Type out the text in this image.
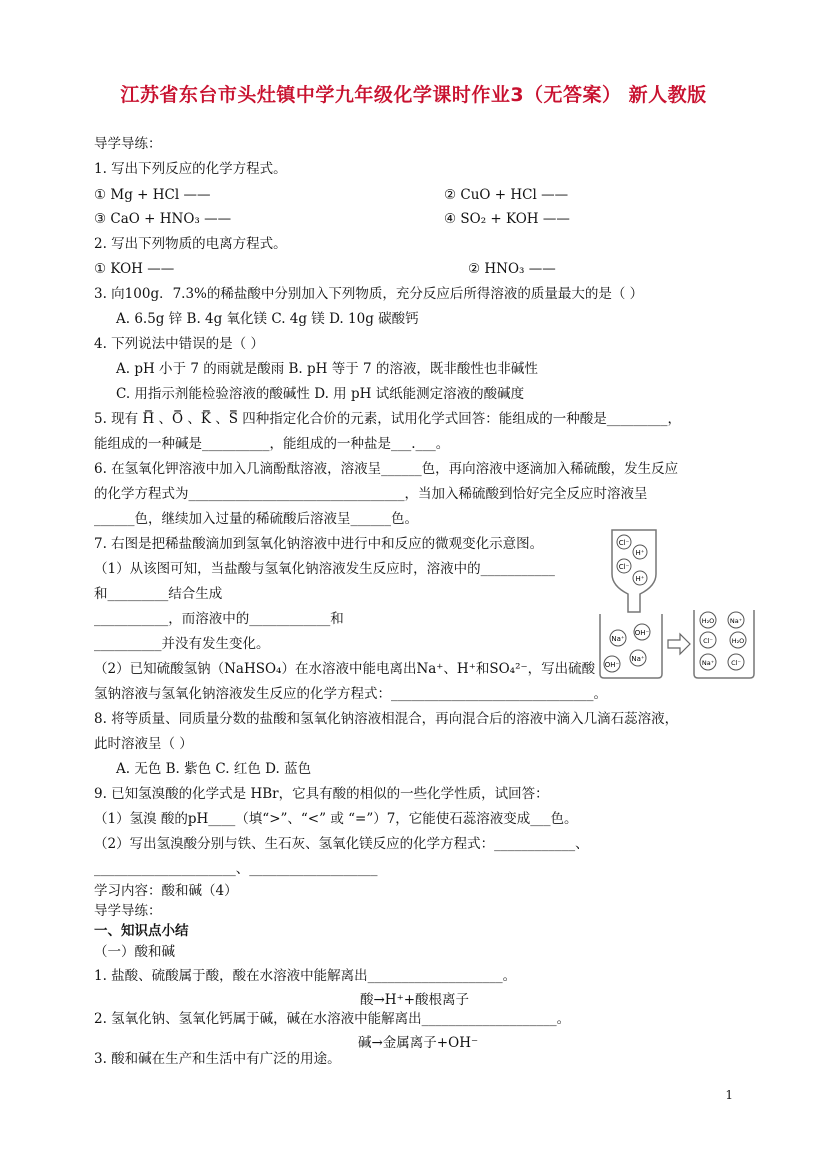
江苏省东台市头灶镇中学九年级化学课时作业3（无答案） 新人教版
导学导练：
1. 写出下列反应的化学方程式。
① Mg + HCl ——	② CuO + HCl ——
③ CaO + HNO₃ ——	④ SO₂ + KOH ——
2. 写出下列物质的电离方程式。
① KOH ——	② HNO₃ ——
3. 向100g．7.3%的稀盐酸中分别加入下列物质，充分反应后所得溶液的质量最大的是（ ）
A. 6.5g 锌 B. 4g 氧化镁 C. 4g 镁 D. 10g 碳酸钙
4. 下列说法中错误的是（ ）
A. pH 小于 7 的雨就是酸雨 B. pH 等于 7 的溶液，既非酸性也非碱性
C. 用指示剂能检验溶液的酸碱性 D. 用 pH 试纸能测定溶液的酸碱度
5. 现有 H̿ 、O̿ 、K̿ 、S̿ 四种指定化合价的元素，试用化学式回答：能组成的一种酸是_________，
能组成的一种碱是__________，能组成的一种盐是___.___。
6. 在氢氧化钾溶液中加入几滴酚酞溶液，溶液呈______色，再向溶液中逐滴加入稀硫酸，发生反应
的化学方程式为________________________________，当加入稀硫酸到恰好完全反应时溶液呈
______色，继续加入过量的稀硫酸后溶液呈______色。
7. 右图是把稀盐酸滴加到氢氧化钠溶液中进行中和反应的微观变化示意图。
（1）从该图可知，当盐酸与氢氧化钠溶液发生反应时，溶液中的___________
和_________结合生成
___________，而溶液中的____________和
__________并没有发生变化。
（2）已知硫酸氢钠（NaHSO₄）在水溶液中能电离出Na⁺、H⁺和SO₄²⁻，写出硫酸
氢钠溶液与氢氧化钠溶液发生反应的化学方程式：______________________________。
8. 将等质量、同质量分数的盐酸和氢氧化钠溶液相混合，再向混合后的溶液中滴入几滴石蕊溶液，
此时溶液呈（ ）
A. 无色 B. 紫色 C. 红色 D. 蓝色
9. 已知氢溴酸的化学式是 HBr，它具有酸的相似的一些化学性质，试回答：
（1）氢溴 酸的pH____（填“>”、“<” 或 “=”）7，它能使石蕊溶液变成___色。
（2）写出氢溴酸分别与铁、生石灰、氢氧化镁反应的化学方程式：____________、
_____________________、___________________
学习内容：酸和碱（4）
导学导练：
一、知识点小结
（一）酸和碱
1. 盐酸、硫酸属于酸，酸在水溶液中能解离出____________________。
酸→H⁺+酸根离子
2. 氢氧化钠、氢氧化钙属于碱，碱在水溶液中能解离出____________________。
碱→金属离子+OH⁻
3. 酸和碱在生产和生活中有广泛的用途。
1
Cl⁻
H⁺
Cl⁻
H⁺
Na⁺
OH⁻
Na⁺
OH⁻
H₂O Na⁺
Cl⁻	H₂O
Na⁺	Cl⁻
